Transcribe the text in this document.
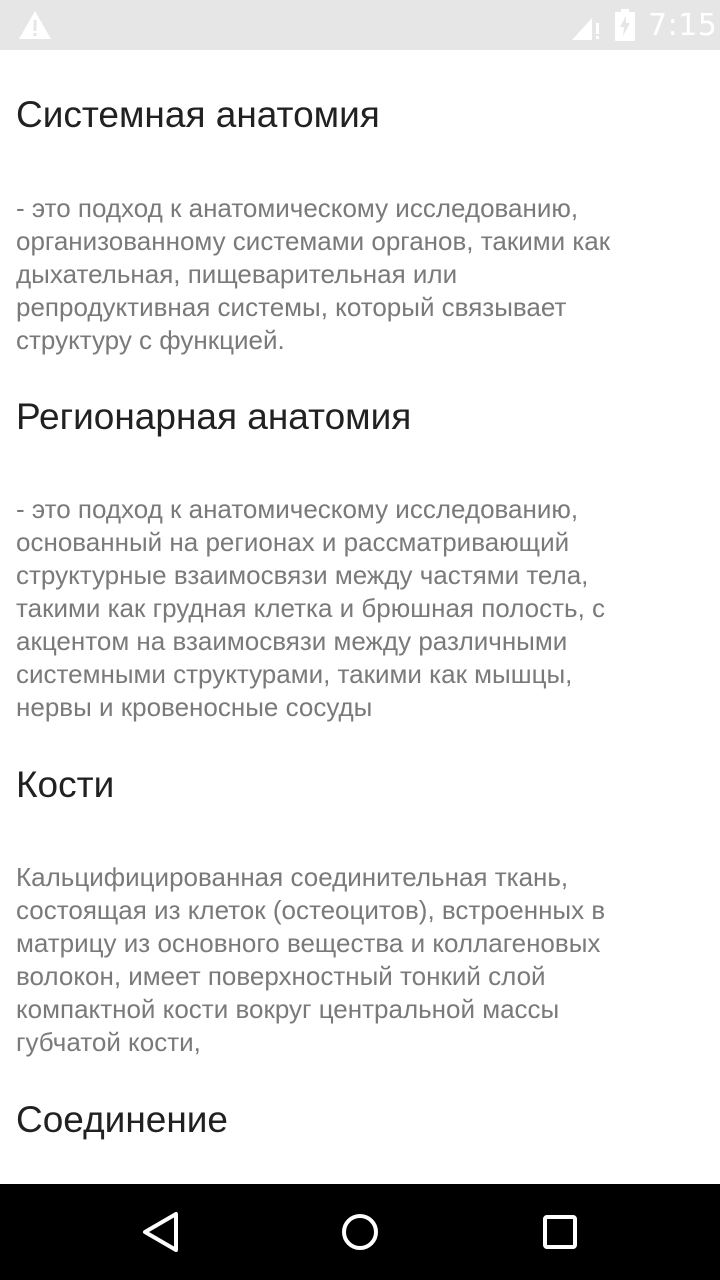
7:15
Системная анатомия
- это подход к анатомическому исследованию,
организованному системами органов, такими как
дыхательная, пищеварительная или
репродуктивная системы, который связывает
структуру с функцией.
Регионарная анатомия
- это подход к анатомическому исследованию,
основанный на регионах и рассматривающий
структурные взаимосвязи между частями тела,
такими как грудная клетка и брюшная полость, с
акцентом на взаимосвязи между различными
системными структурами, такими как мышцы,
нервы и кровеносные сосуды
Кости
Кальцифицированная соединительная ткань,
состоящая из клеток (остеоцитов), встроенных в
матрицу из основного вещества и коллагеновых
волокон, имеет поверхностный тонкий слой
компактной кости вокруг центральной массы
губчатой кости,
Соединение
